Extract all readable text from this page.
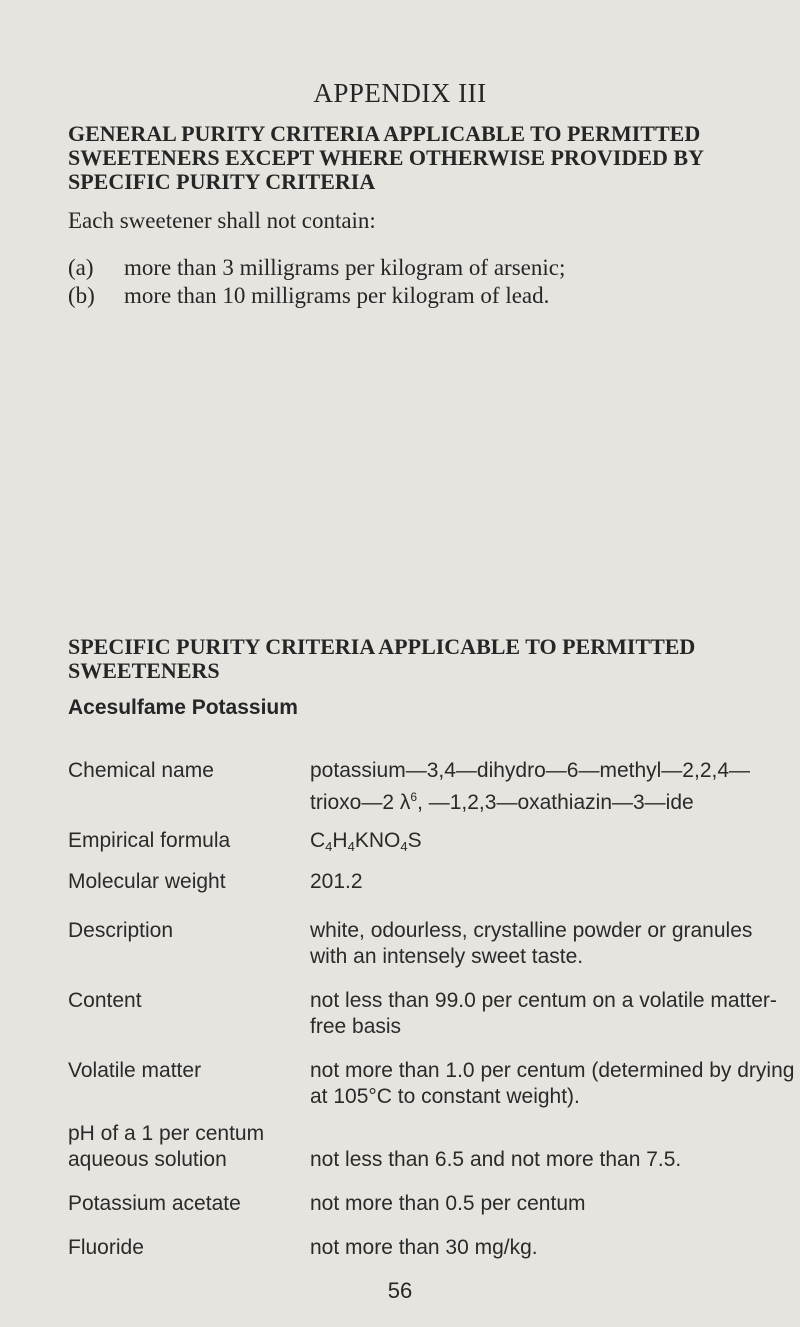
APPENDIX III
GENERAL PURITY CRITERIA APPLICABLE TO PERMITTED SWEETENERS EXCEPT WHERE OTHERWISE PROVIDED BY SPECIFIC PURITY CRITERIA
Each sweetener shall not contain:
(a) more than 3 milligrams per kilogram of arsenic;
(b) more than 10 milligrams per kilogram of lead.
SPECIFIC PURITY CRITERIA APPLICABLE TO PERMITTED SWEETENERS
Acesulfame Potassium
Chemical name	potassium—3,4—dihydro—6—methyl—2,2,4—
trioxo—2 $\lambda^6$, —1,2,3—oxathiazin—3—ide
Empirical formula	$C_4H_4KNO_4S$
Molecular weight	201.2
Description	white, odourless, crystalline powder or granules with an intensely sweet taste.
Content	not less than 99.0 per centum on a volatile matter-free basis
Volatile matter	not more than 1.0 per centum (determined by drying at 105°C to constant weight).
pH of a 1 per centum
aqueous solution	not less than 6.5 and not more than 7.5.
Potassium acetate	not more than 0.5 per centum
Fluoride	not more than 30 mg/kg.
56
